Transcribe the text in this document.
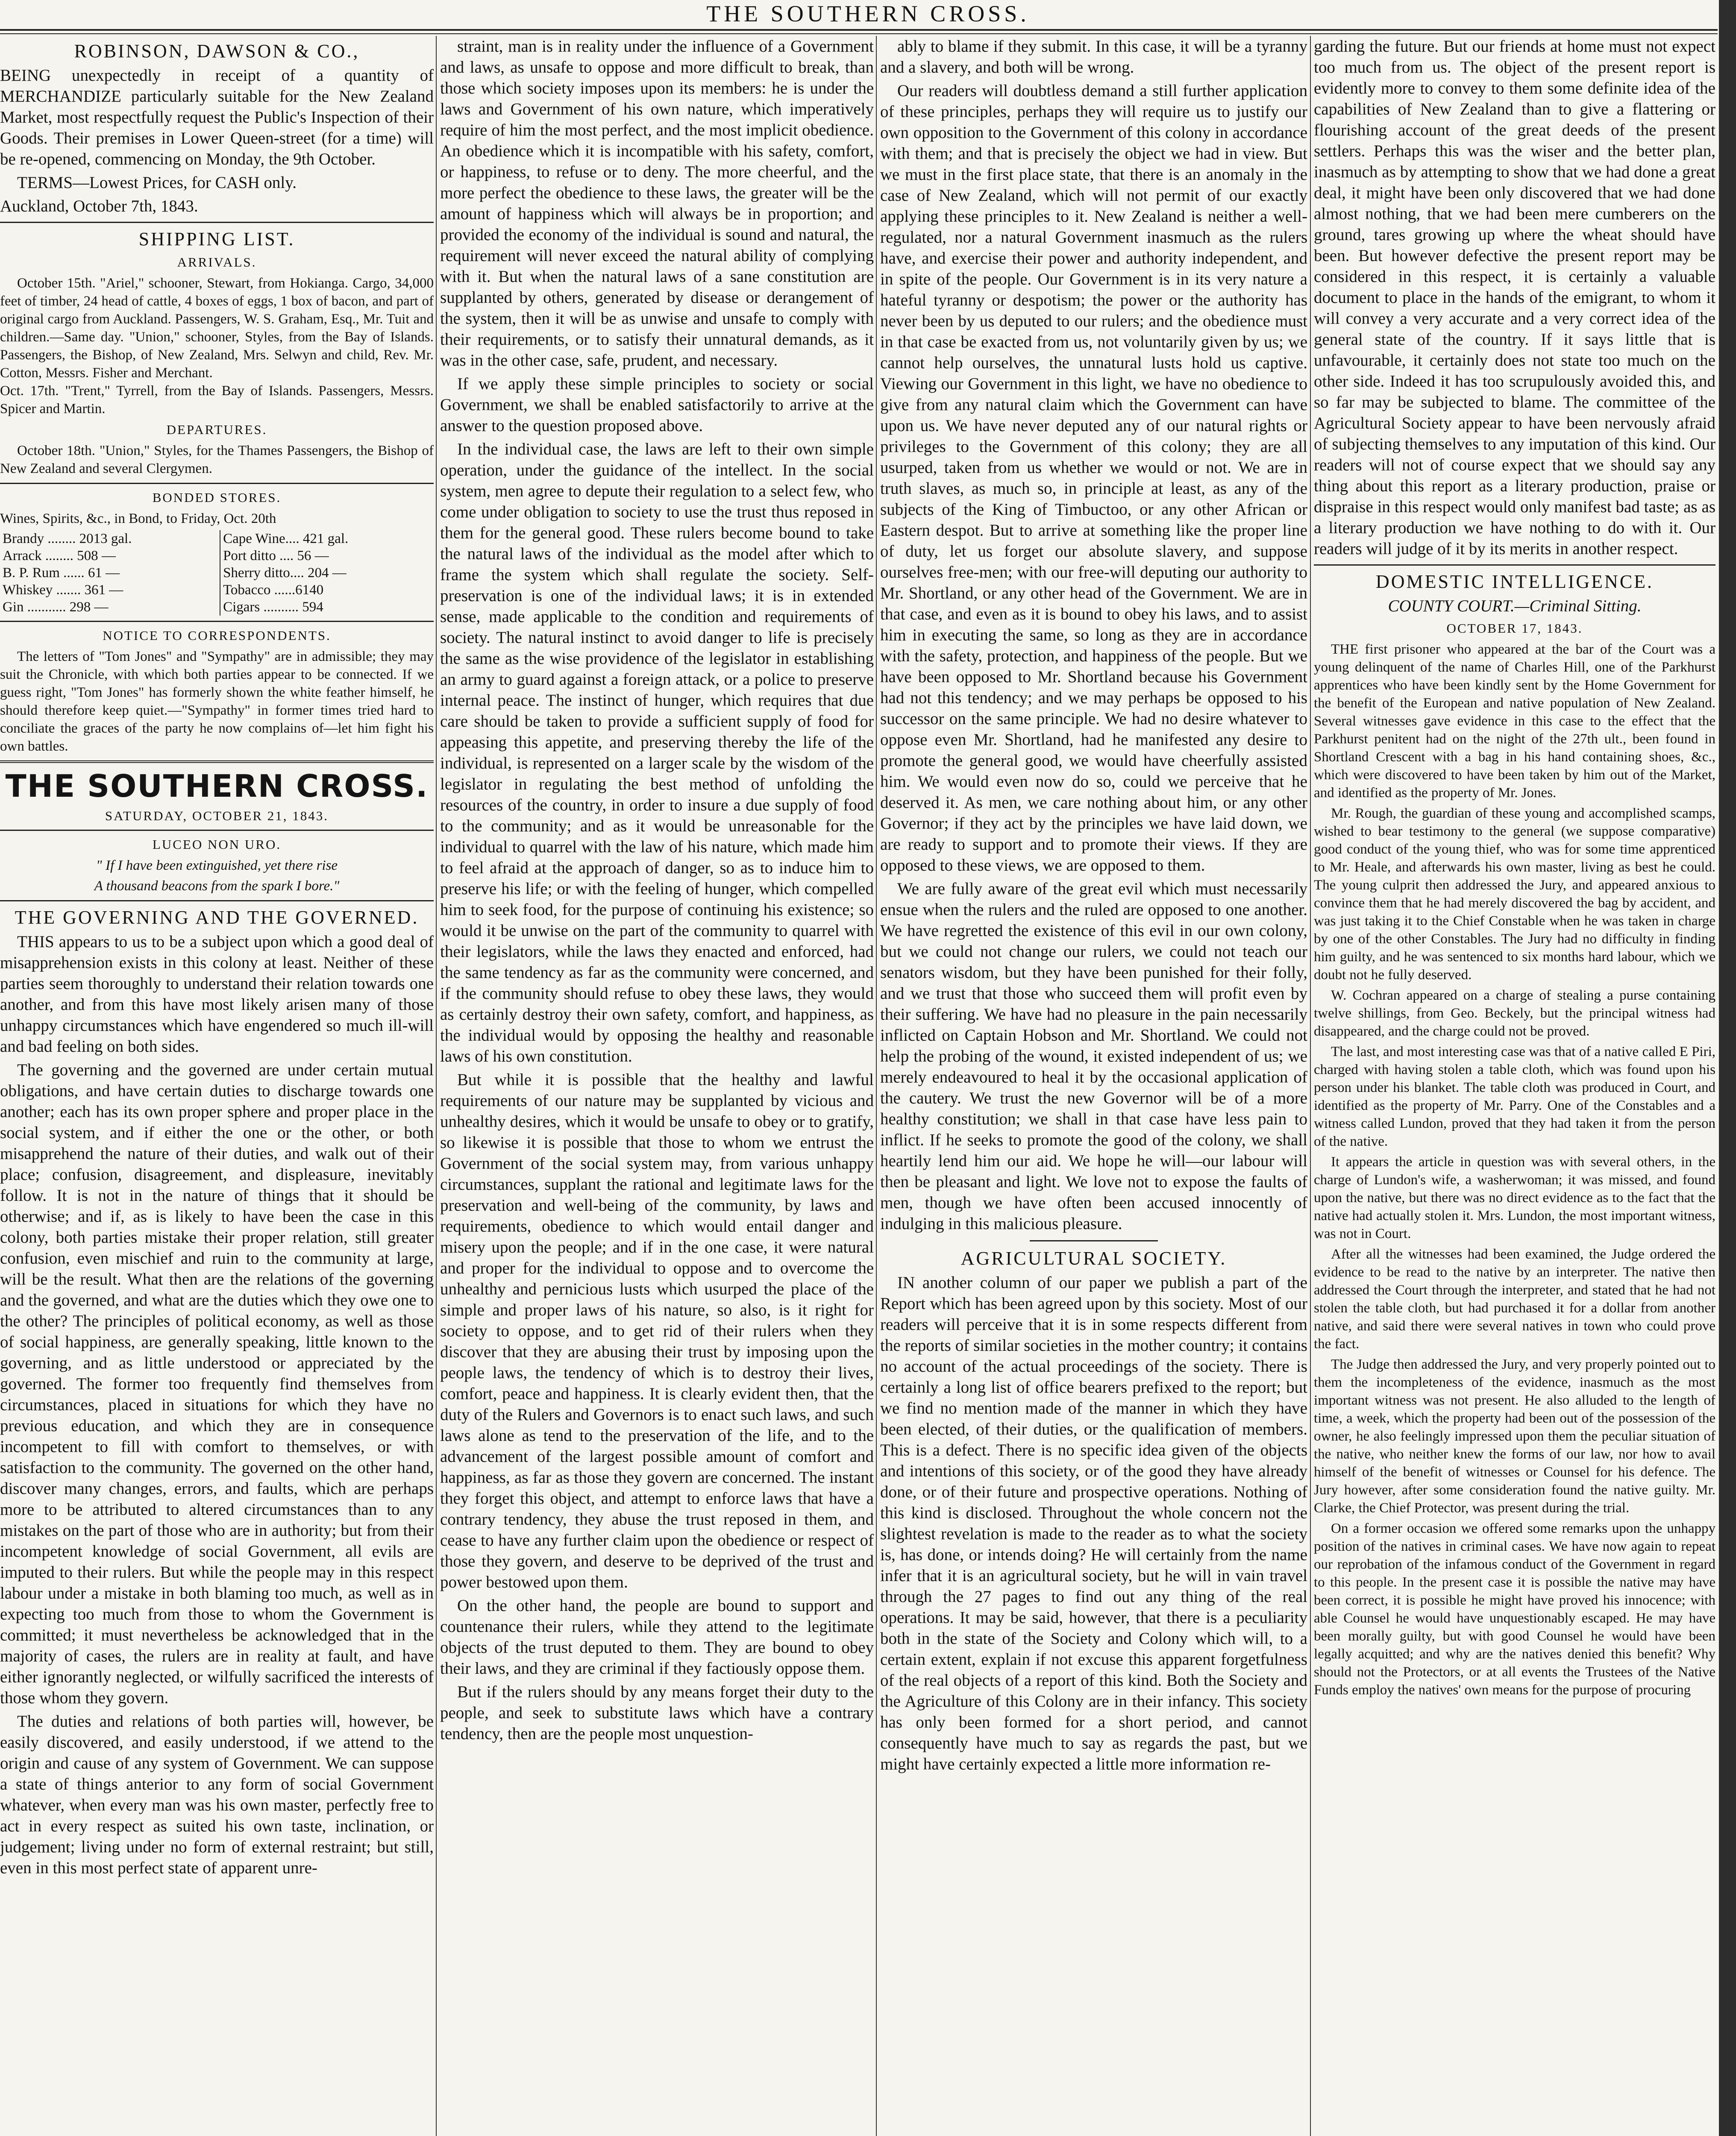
THE SOUTHERN CROSS.
ROBINSON, DAWSON & CO.,

BEING unexpectedly in receipt of a quantity of MERCHANDIZE particularly suitable for the New Zealand Market, most respectfully request the Public's Inspection of their Goods. Their premises in Lower Queen-street (for a time) will be re-opened, commencing on Monday, the 9th October.

TERMS—Lowest Prices, for CASH only.

Auckland, October 7th, 1843.

SHIPPING LIST.
ARRIVALS.

October 15th. "Ariel," schooner, Stewart, from Hokianga. Cargo, 34,000 feet of timber, 24 head of cattle, 4 boxes of eggs, 1 box of bacon, and part of original cargo from Auckland. Passengers, W. S. Graham, Esq., Mr. Tuit and children.—Same day. "Union," schooner, Styles, from the Bay of Islands. Passengers, the Bishop, of New Zealand, Mrs. Selwyn and child, Rev. Mr. Cotton, Messrs. Fisher and Merchant.
Oct. 17th. "Trent," Tyrrell, from the Bay of Islands. Passengers, Messrs. Spicer and Martin.

DEPARTURES.

October 18th. "Union," Styles, for the Thames Passengers, the Bishop of New Zealand and several Clergymen.

BONDED STORES.

Wines, Spirits, &c., in Bond, to Friday, Oct. 20th

Brandy ........ 2013 gal.	Cape Wine.... 421 gal.
Arrack ........ 508 —	Port ditto .... 56 —
B. P. Rum ...... 61 —	Sherry ditto.... 204 —
Whiskey ....... 361 —	Tobacco ......6140
Gin ........... 298 —	Cigars .......... 594
NOTICE TO CORRESPONDENTS.

The letters of "Tom Jones" and "Sympathy" are in admissible; they may suit the Chronicle, with which both parties appear to be connected. If we guess right, "Tom Jones" has formerly shown the white feather himself, he should therefore keep quiet.—"Sympathy" in former times tried hard to conciliate the graces of the party he now complains of—let him fight his own battles.

THE SOUTHERN CROSS.
SATURDAY, OCTOBER 21, 1843.
LUCEO NON URO.

" If I have been extinguished, yet there rise

A thousand beacons from the spark I bore."

THE GOVERNING AND THE GOVERNED.

THIS appears to us to be a subject upon which a good deal of misapprehension exists in this colony at least. Neither of these parties seem thoroughly to understand their relation towards one another, and from this have most likely arisen many of those unhappy circumstances which have engendered so much ill-will and bad feeling on both sides.

The governing and the governed are under certain mutual obligations, and have certain duties to discharge towards one another; each has its own proper sphere and proper place in the social system, and if either the one or the other, or both misapprehend the nature of their duties, and walk out of their place; confusion, disagreement, and displeasure, inevitably follow. It is not in the nature of things that it should be otherwise; and if, as is likely to have been the case in this colony, both parties mistake their proper relation, still greater confusion, even mischief and ruin to the community at large, will be the result. What then are the relations of the governing and the governed, and what are the duties which they owe one to the other? The principles of political economy, as well as those of social happiness, are generally speaking, little known to the governing, and as little understood or appreciated by the governed. The former too frequently find themselves from circumstances, placed in situations for which they have no previous education, and which they are in consequence incompetent to fill with comfort to themselves, or with satisfaction to the community. The governed on the other hand, discover many changes, errors, and faults, which are perhaps more to be attributed to altered circumstances than to any mistakes on the part of those who are in authority; but from their incompetent knowledge of social Government, all evils are imputed to their rulers. But while the people may in this respect labour under a mistake in both blaming too much, as well as in expecting too much from those to whom the Government is committed; it must nevertheless be acknowledged that in the majority of cases, the rulers are in reality at fault, and have either ignorantly neglected, or wilfully sacrificed the interests of those whom they govern.

The duties and relations of both parties will, however, be easily discovered, and easily understood, if we attend to the origin and cause of any system of Government. We can suppose a state of things anterior to any form of social Government whatever, when every man was his own master, perfectly free to act in every respect as suited his own taste, inclination, or judgement; living under no form of external restraint; but still, even in this most perfect state of apparent unre-

straint, man is in reality under the influence of a Government and laws, as unsafe to oppose and more difficult to break, than those which society imposes upon its members: he is under the laws and Government of his own nature, which imperatively require of him the most perfect, and the most implicit obedience. An obedience which it is incompatible with his safety, comfort, or happiness, to refuse or to deny. The more cheerful, and the more perfect the obedience to these laws, the greater will be the amount of happiness which will always be in proportion; and provided the economy of the individual is sound and natural, the requirement will never exceed the natural ability of complying with it. But when the natural laws of a sane constitution are supplanted by others, generated by disease or derangement of the system, then it will be as unwise and unsafe to comply with their requirements, or to satisfy their unnatural demands, as it was in the other case, safe, prudent, and necessary.

If we apply these simple principles to society or social Government, we shall be enabled satisfactorily to arrive at the answer to the question proposed above.

In the individual case, the laws are left to their own simple operation, under the guidance of the intellect. In the social system, men agree to depute their regulation to a select few, who come under obligation to society to use the trust thus reposed in them for the general good. These rulers become bound to take the natural laws of the individual as the model after which to frame the system which shall regulate the society. Self-preservation is one of the individual laws; it is in extended sense, made applicable to the condition and requirements of society. The natural instinct to avoid danger to life is precisely the same as the wise providence of the legislator in establishing an army to guard against a foreign attack, or a police to preserve internal peace. The instinct of hunger, which requires that due care should be taken to provide a sufficient supply of food for appeasing this appetite, and preserving thereby the life of the individual, is represented on a larger scale by the wisdom of the legislator in regulating the best method of unfolding the resources of the country, in order to insure a due supply of food to the community; and as it would be unreasonable for the individual to quarrel with the law of his nature, which made him to feel afraid at the approach of danger, so as to induce him to preserve his life; or with the feeling of hunger, which compelled him to seek food, for the purpose of continuing his existence; so would it be unwise on the part of the community to quarrel with their legislators, while the laws they enacted and enforced, had the same tendency as far as the community were concerned, and if the community should refuse to obey these laws, they would as certainly destroy their own safety, comfort, and happiness, as the individual would by opposing the healthy and reasonable laws of his own constitution.

But while it is possible that the healthy and lawful requirements of our nature may be supplanted by vicious and unhealthy desires, which it would be unsafe to obey or to gratify, so likewise it is possible that those to whom we entrust the Government of the social system may, from various unhappy circumstances, supplant the rational and legitimate laws for the preservation and well-being of the community, by laws and requirements, obedience to which would entail danger and misery upon the people; and if in the one case, it were natural and proper for the individual to oppose and to overcome the unhealthy and pernicious lusts which usurped the place of the simple and proper laws of his nature, so also, is it right for society to oppose, and to get rid of their rulers when they discover that they are abusing their trust by imposing upon the people laws, the tendency of which is to destroy their lives, comfort, peace and happiness. It is clearly evident then, that the duty of the Rulers and Governors is to enact such laws, and such laws alone as tend to the preservation of the life, and to the advancement of the largest possible amount of comfort and happiness, as far as those they govern are concerned. The instant they forget this object, and attempt to enforce laws that have a contrary tendency, they abuse the trust reposed in them, and cease to have any further claim upon the obedience or respect of those they govern, and deserve to be deprived of the trust and power bestowed upon them.

On the other hand, the people are bound to support and countenance their rulers, while they attend to the legitimate objects of the trust deputed to them. They are bound to obey their laws, and they are criminal if they factiously oppose them.

But if the rulers should by any means forget their duty to the people, and seek to substitute laws which have a contrary tendency, then are the people most unquestion-

ably to blame if they submit. In this case, it will be a tyranny and a slavery, and both will be wrong.

Our readers will doubtless demand a still further application of these principles, perhaps they will require us to justify our own opposition to the Government of this colony in accordance with them; and that is precisely the object we had in view. But we must in the first place state, that there is an anomaly in the case of New Zealand, which will not permit of our exactly applying these principles to it. New Zealand is neither a well-regulated, nor a natural Government inasmuch as the rulers have, and exercise their power and authority independent, and in spite of the people. Our Government is in its very nature a hateful tyranny or despotism; the power or the authority has never been by us deputed to our rulers; and the obedience must in that case be exacted from us, not voluntarily given by us; we cannot help ourselves, the unnatural lusts hold us captive. Viewing our Government in this light, we have no obedience to give from any natural claim which the Government can have upon us. We have never deputed any of our natural rights or privileges to the Government of this colony; they are all usurped, taken from us whether we would or not. We are in truth slaves, as much so, in principle at least, as any of the subjects of the King of Timbuctoo, or any other African or Eastern despot. But to arrive at something like the proper line of duty, let us forget our absolute slavery, and suppose ourselves free-men; with our free-will deputing our authority to Mr. Shortland, or any other head of the Government. We are in that case, and even as it is bound to obey his laws, and to assist him in executing the same, so long as they are in accordance with the safety, protection, and happiness of the people. But we have been opposed to Mr. Shortland because his Government had not this tendency; and we may perhaps be opposed to his successor on the same principle. We had no desire whatever to oppose even Mr. Shortland, had he manifested any desire to promote the general good, we would have cheerfully assisted him. We would even now do so, could we perceive that he deserved it. As men, we care nothing about him, or any other Governor; if they act by the principles we have laid down, we are ready to support and to promote their views. If they are opposed to these views, we are opposed to them.

We are fully aware of the great evil which must necessarily ensue when the rulers and the ruled are opposed to one another. We have regretted the existence of this evil in our own colony, but we could not change our rulers, we could not teach our senators wisdom, but they have been punished for their folly, and we trust that those who succeed them will profit even by their suffering. We have had no pleasure in the pain necessarily inflicted on Captain Hobson and Mr. Shortland. We could not help the probing of the wound, it existed independent of us; we merely endeavoured to heal it by the occasional application of the cautery. We trust the new Governor will be of a more healthy constitution; we shall in that case have less pain to inflict. If he seeks to promote the good of the colony, we shall heartily lend him our aid. We hope he will—our labour will then be pleasant and light. We love not to expose the faults of men, though we have often been accused innocently of indulging in this malicious pleasure.

AGRICULTURAL SOCIETY.

IN another column of our paper we publish a part of the Report which has been agreed upon by this society. Most of our readers will perceive that it is in some respects different from the reports of similar societies in the mother country; it contains no account of the actual proceedings of the society. There is certainly a long list of office bearers prefixed to the report; but we find no mention made of the manner in which they have been elected, of their duties, or the qualification of members. This is a defect. There is no specific idea given of the objects and intentions of this society, or of the good they have already done, or of their future and prospective operations. Nothing of this kind is disclosed. Throughout the whole concern not the slightest revelation is made to the reader as to what the society is, has done, or intends doing? He will certainly from the name infer that it is an agricultural society, but he will in vain travel through the 27 pages to find out any thing of the real operations. It may be said, however, that there is a peculiarity both in the state of the Society and Colony which will, to a certain extent, explain if not excuse this apparent forgetfulness of the real objects of a report of this kind. Both the Society and the Agriculture of this Colony are in their infancy. This society has only been formed for a short period, and cannot consequently have much to say as regards the past, but we might have certainly expected a little more information re-

garding the future. But our friends at home must not expect too much from us. The object of the present report is evidently more to convey to them some definite idea of the capabilities of New Zealand than to give a flattering or flourishing account of the great deeds of the present settlers. Perhaps this was the wiser and the better plan, inasmuch as by attempting to show that we had done a great deal, it might have been only discovered that we had done almost nothing, that we had been mere cumberers on the ground, tares growing up where the wheat should have been. But however defective the present report may be considered in this respect, it is certainly a valuable document to place in the hands of the emigrant, to whom it will convey a very accurate and a very correct idea of the general state of the country. If it says little that is unfavourable, it certainly does not state too much on the other side. Indeed it has too scrupulously avoided this, and so far may be subjected to blame. The committee of the Agricultural Society appear to have been nervously afraid of subjecting themselves to any imputation of this kind. Our readers will not of course expect that we should say any thing about this report as a literary production, praise or dispraise in this respect would only manifest bad taste; as as a literary production we have nothing to do with it. Our readers will judge of it by its merits in another respect.

DOMESTIC INTELLIGENCE.

COUNTY COURT.—Criminal Sitting.

OCTOBER 17, 1843.

THE first prisoner who appeared at the bar of the Court was a young delinquent of the name of Charles Hill, one of the Parkhurst apprentices who have been kindly sent by the Home Government for the benefit of the European and native population of New Zealand. Several witnesses gave evidence in this case to the effect that the Parkhurst penitent had on the night of the 27th ult., been found in Shortland Crescent with a bag in his hand containing shoes, &c., which were discovered to have been taken by him out of the Market, and identified as the property of Mr. Jones.

Mr. Rough, the guardian of these young and accomplished scamps, wished to bear testimony to the general (we suppose comparative) good conduct of the young thief, who was for some time apprenticed to Mr. Heale, and afterwards his own master, living as best he could. The young culprit then addressed the Jury, and appeared anxious to convince them that he had merely discovered the bag by accident, and was just taking it to the Chief Constable when he was taken in charge by one of the other Constables. The Jury had no difficulty in finding him guilty, and he was sentenced to six months hard labour, which we doubt not he fully deserved.

W. Cochran appeared on a charge of stealing a purse containing twelve shillings, from Geo. Beckely, but the principal witness had disappeared, and the charge could not be proved.

The last, and most interesting case was that of a native called E Piri, charged with having stolen a table cloth, which was found upon his person under his blanket. The table cloth was produced in Court, and identified as the property of Mr. Parry. One of the Constables and a witness called Lundon, proved that they had taken it from the person of the native.

It appears the article in question was with several others, in the charge of Lundon's wife, a washerwoman; it was missed, and found upon the native, but there was no direct evidence as to the fact that the native had actually stolen it. Mrs. Lundon, the most important witness, was not in Court.

After all the witnesses had been examined, the Judge ordered the evidence to be read to the native by an interpreter. The native then addressed the Court through the interpreter, and stated that he had not stolen the table cloth, but had purchased it for a dollar from another native, and said there were several natives in town who could prove the fact.

The Judge then addressed the Jury, and very properly pointed out to them the incompleteness of the evidence, inasmuch as the most important witness was not present. He also alluded to the length of time, a week, which the property had been out of the possession of the owner, he also feelingly impressed upon them the peculiar situation of the native, who neither knew the forms of our law, nor how to avail himself of the benefit of witnesses or Counsel for his defence. The Jury however, after some consideration found the native guilty. Mr. Clarke, the Chief Protector, was present during the trial.

On a former occasion we offered some remarks upon the unhappy position of the natives in criminal cases. We have now again to repeat our reprobation of the infamous conduct of the Government in regard to this people. In the present case it is possible the native may have been correct, it is possible he might have proved his innocence; with able Counsel he would have unquestionably escaped. He may have been morally guilty, but with good Counsel he would have been legally acquitted; and why are the natives denied this benefit? Why should not the Protectors, or at all events the Trustees of the Native Funds employ the natives' own means for the purpose of procuring
